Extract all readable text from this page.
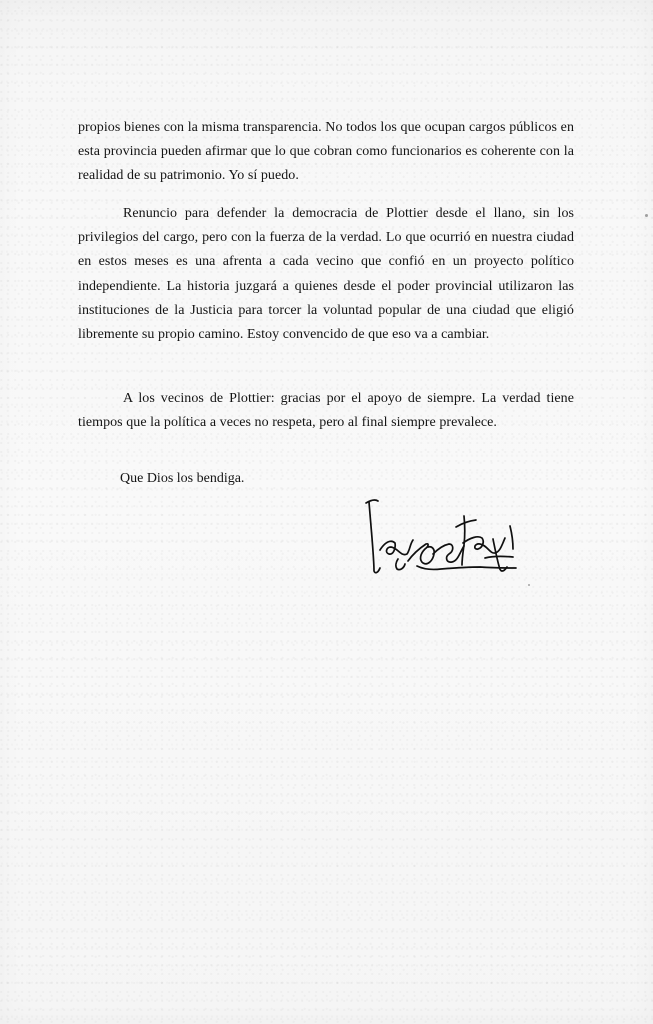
propios bienes con la misma transparencia. No todos los que ocupan cargos públicos en esta provincia pueden afirmar que lo que cobran como funcionarios es coherente con la realidad de su patrimonio. Yo sí puedo.
Renuncio para defender la democracia de Plottier desde el llano, sin los privilegios del cargo, pero con la fuerza de la verdad. Lo que ocurrió en nuestra ciudad en estos meses es una afrenta a cada vecino que confió en un proyecto político independiente. La historia juzgará a quienes desde el poder provincial utilizaron las instituciones de la Justicia para torcer la voluntad popular de una ciudad que eligió libremente su propio camino. Estoy convencido de que eso va a cambiar.
A los vecinos de Plottier: gracias por el apoyo de siempre. La verdad tiene tiempos que la política a veces no respeta, pero al final siempre prevalece.
Que Dios los bendiga.
